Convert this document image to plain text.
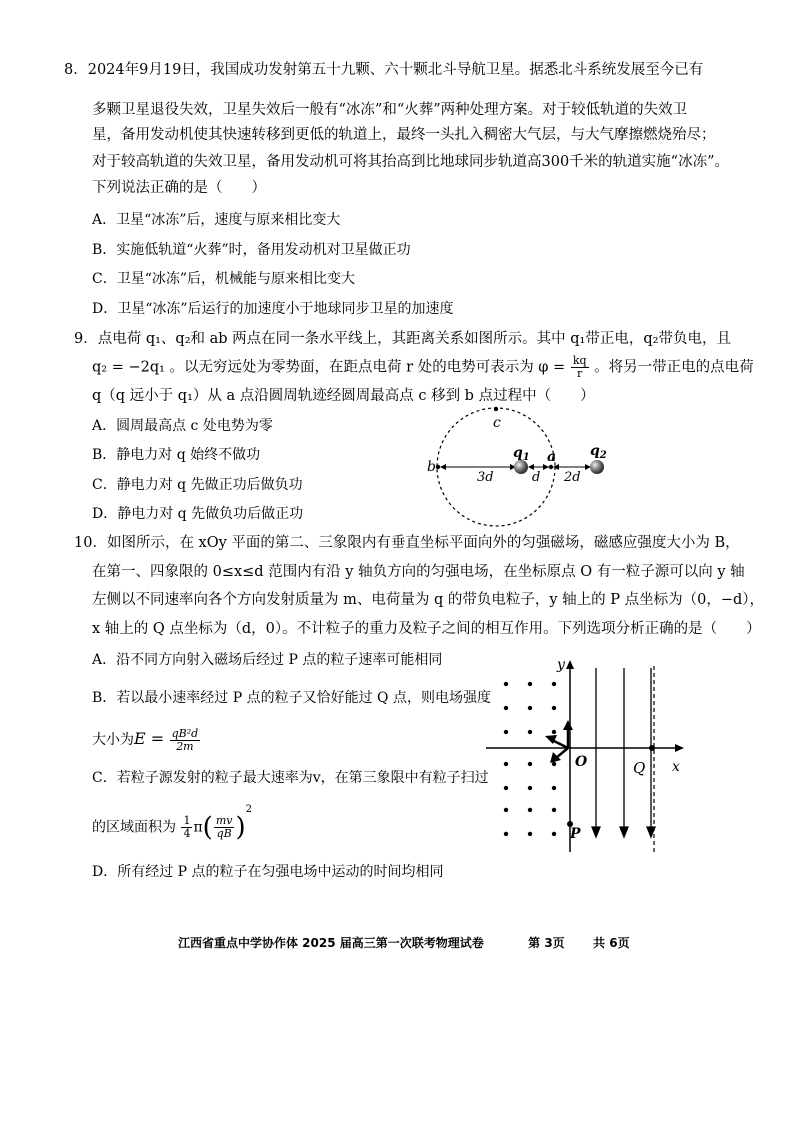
8．2024年9月19日，我国成功发射第五十九颗、六十颗北斗导航卫星。据悉北斗系统发展至今已有
多颗卫星退役失效，卫星失效后一般有“冰冻”和“火葬”两种处理方案。对于较低轨道的失效卫
星，备用发动机使其快速转移到更低的轨道上，最终一头扎入稠密大气层，与大气摩擦燃烧殆尽；
对于较高轨道的失效卫星，备用发动机可将其抬高到比地球同步轨道高300千米的轨道实施“冰冻”。
下列说法正确的是（　　）
A．卫星“冰冻”后，速度与原来相比变大
B．实施低轨道“火葬”时，备用发动机对卫星做正功
C．卫星“冰冻”后，机械能与原来相比变大
D．卫星“冰冻”后运行的加速度小于地球同步卫星的加速度
9．点电荷 q₁、q₂和 ab 两点在同一条水平线上，其距离关系如图所示。其中 q₁带正电，q₂带负电，且
q₂ = −2q₁ 。以无穷远处为零势面，在距点电荷 r 处的电势可表示为 $\varphi = \frac{kq}{r}$ 。将另一带正电的点电荷
q（q 远小于 q₁）从 a 点沿圆周轨迹经圆周最高点 c 移到 b 点过程中（　　）
A．圆周最高点 c 处电势为零
B．静电力对 q 始终不做功
C．静电力对 q 先做正功后做负功
D．静电力对 q 先做负功后做正功
c
b
3d
$q_1$ a
d 2d
$q_2$
10．如图所示，在 xOy 平面的第二、三象限内有垂直坐标平面向外的匀强磁场，磁感应强度大小为 B，
在第一、四象限的 0≤x≤d 范围内有沿 y 轴负方向的匀强电场，在坐标原点 O 有一粒子源可以向 y 轴
左侧以不同速率向各个方向发射质量为 m、电荷量为 q 的带负电粒子，y 轴上的 P 点坐标为（0，−d），
x 轴上的 Q 点坐标为（d，0）。不计粒子的重力及粒子之间的相互作用。下列选项分析正确的是（　　）
A．沿不同方向射入磁场后经过 P 点的粒子速率可能相同
B．若以最小速率经过 P 点的粒子又恰好能过 Q 点，则电场强度
大小为$E = \frac{\text{qB²d}}{2m}$
C．若粒子源发射的粒子最大速率为v，在第三象限中有粒子扫过
的区域面积为 $\frac{1}{4} \pi( \frac{mv}{qB} )^2$
D．所有经过 P 点的粒子在匀强电场中运动的时间均相同
x
y
O	Q
P
江西省重点中学协作体 2025 届高三第一次联考物理试卷	第 3页 共 6页
